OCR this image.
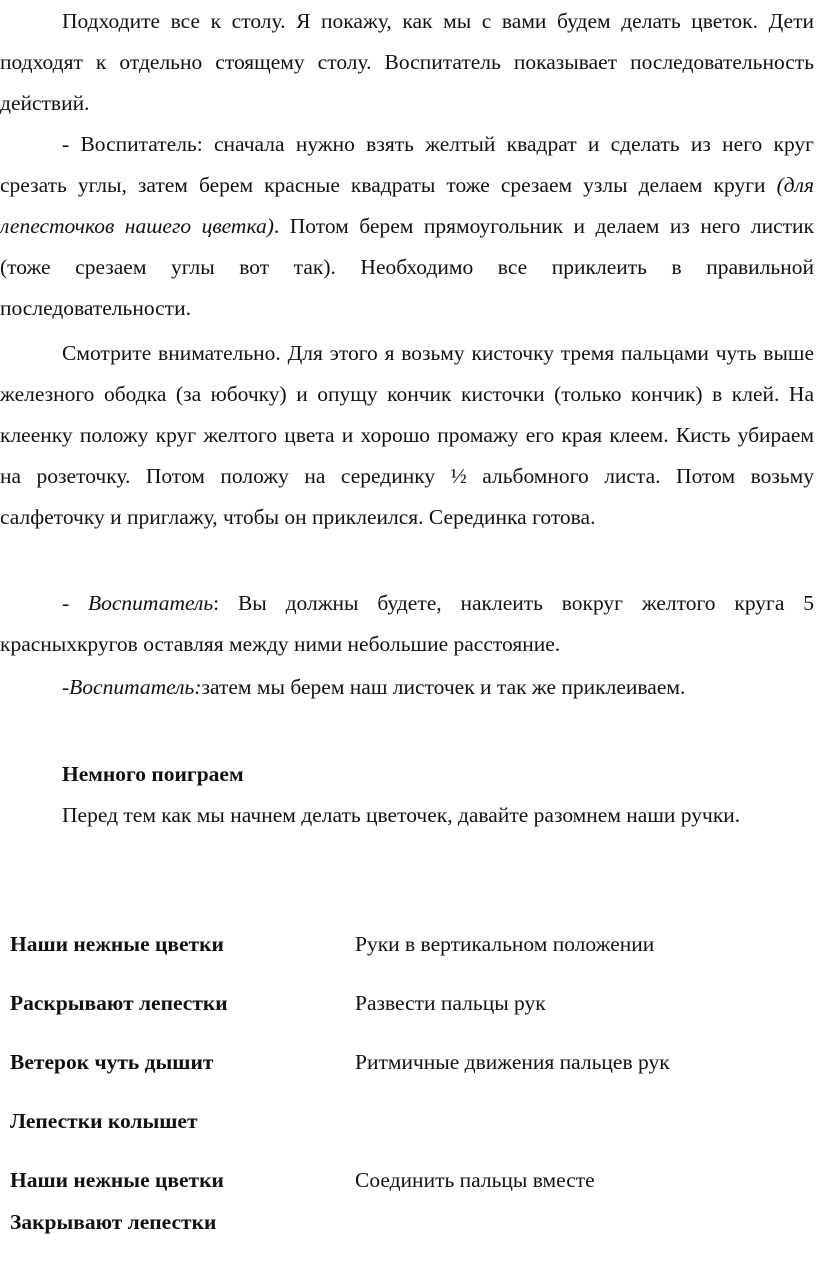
Подходите все к столу. Я покажу, как мы с вами будем делать цветок. Дети подходят к отдельно стоящему столу. Воспитатель показывает последовательность действий.

- Воспитатель: сначала нужно взять желтый квадрат и сделать из него круг срезать углы, затем берем красные квадраты тоже срезаем узлы делаем круги (для лепесточков нашего цветка). Потом берем прямоугольник и делаем из него листик (тоже срезаем углы вот так). Необходимо все приклеить в правильной последовательности.

Смотрите внимательно. Для этого я возьму кисточку тремя пальцами чуть выше железного ободка (за юбочку) и опущу кончик кисточки (только кончик) в клей. На клеенку положу круг желтого цвета и хорошо промажу его края клеем. Кисть убираем на розеточку. Потом положу на серединку ½ альбомного листа. Потом возьму салфеточку и приглажу, чтобы он приклеился. Серединка готова.

- Воспитатель: Вы должны будете, наклеить вокруг желтого круга 5 красныхкругов оставляя между ними небольшие расстояние.

-Воспитатель:затем мы берем наш листочек и так же приклеиваем.

Немного поиграем

Перед тем как мы начнем делать цветочек, давайте разомнем наши ручки.

Наши нежные цветки	Руки в вертикальном положении
Раскрывают лепестки	Развести пальцы рук
Ветерок чуть дышит	Ритмичные движения пальцев рук
Лепестки колышет
Наши нежные цветки	Соединить пальцы вместе
Закрывают лепестки
